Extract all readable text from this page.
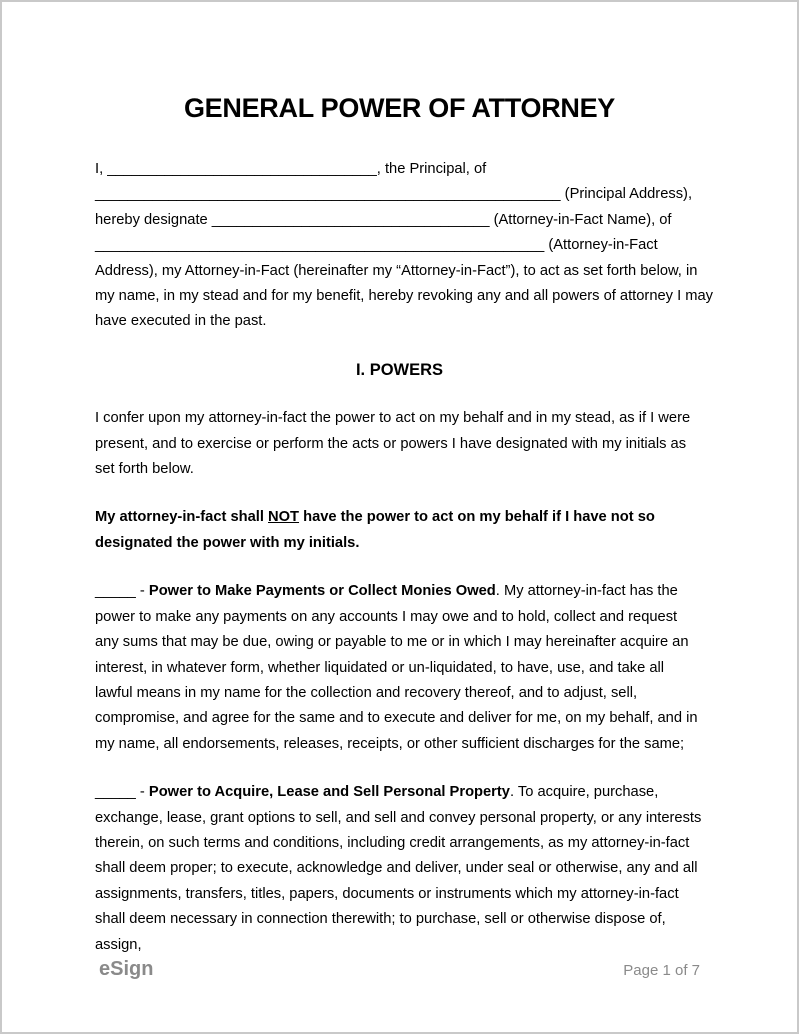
GENERAL POWER OF ATTORNEY

I, _________________________________, the Principal, of
_________________________________________________________ (Principal Address),
hereby designate __________________________________ (Attorney-in-Fact Name), of
_______________________________________________________ (Attorney-in-Fact
Address), my Attorney-in-Fact (hereinafter my “Attorney-in-Fact”), to act as set forth below, in
my name, in my stead and for my benefit, hereby revoking any and all powers of attorney I may
have executed in the past.

I. POWERS

I confer upon my attorney-in-fact the power to act on my behalf and in my stead, as if I were present, and to exercise or perform the acts or powers I have designated with my initials as set forth below.

My attorney-in-fact shall NOT have the power to act on my behalf if I have not so designated the power with my initials.

_____ - Power to Make Payments or Collect Monies Owed. My attorney-in-fact has the power to make any payments on any accounts I may owe and to hold, collect and request any sums that may be due, owing or payable to me or in which I may hereinafter acquire an interest, in whatever form, whether liquidated or un-liquidated, to have, use, and take all lawful means in my name for the collection and recovery thereof, and to adjust, sell, compromise, and agree for the same and to execute and deliver for me, on my behalf, and in my name, all endorsements, releases, receipts, or other sufficient discharges for the same;

_____ - Power to Acquire, Lease and Sell Personal Property. To acquire, purchase, exchange, lease, grant options to sell, and sell and convey personal property, or any interests therein, on such terms and conditions, including credit arrangements, as my attorney-in-fact shall deem proper; to execute, acknowledge and deliver, under seal or otherwise, any and all assignments, transfers, titles, papers, documents or instruments which my attorney-in-fact shall deem necessary in connection therewith; to purchase, sell or otherwise dispose of, assign,

eSign	Page 1 of 7
